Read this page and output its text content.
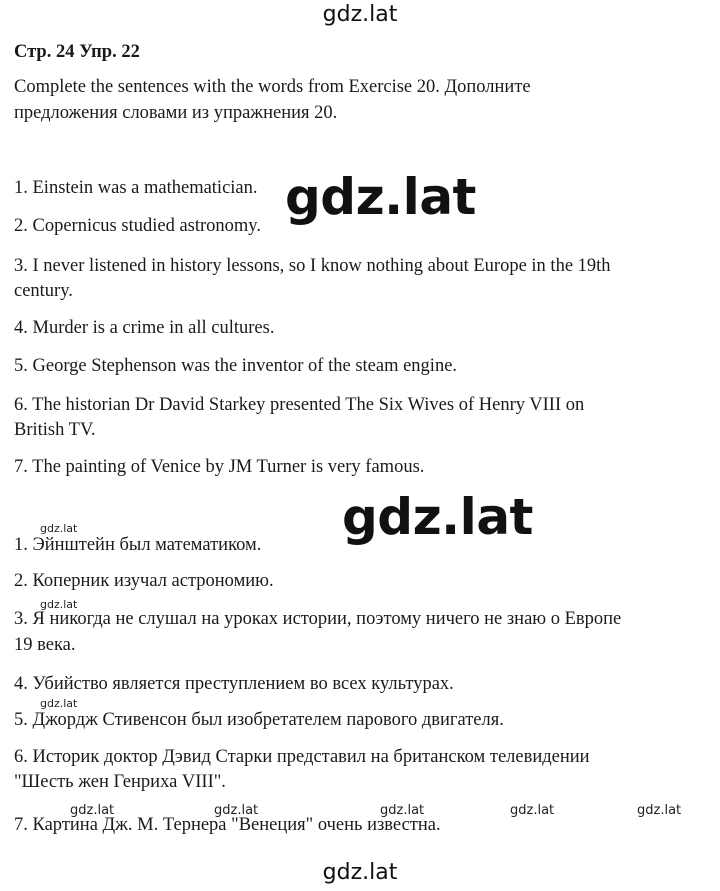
gdz.lat
gdz.lat
gdz.lat
gdz.lat
gdz.lat
gdz.lat
gdz.lat	gdz.lat	gdz.lat	gdz.lat	gdz.lat
Стр. 24 Упр. 22
Complete the sentences with the words from Exercise 20. Дополните
предложения словами из упражнения 20.
1. Einstein was a mathematician.
2. Copernicus studied astronomy.
3. I never listened in history lessons, so I know nothing about Europe in the 19th
century.
4. Murder is a crime in all cultures.
5. George Stephenson was the inventor of the steam engine.
6. The historian Dr David Starkey presented The Six Wives of Henry VIII on
British TV.
7. The painting of Venice by JM Turner is very famous.
1. Эйнштейн был математиком.
2. Коперник изучал астрономию.
3. Я никогда не слушал на уроках истории, поэтому ничего не знаю о Европе
19 века.
4. Убийство является преступлением во всех культурах.
5. Джордж Стивенсон был изобретателем парового двигателя.
6. Историк доктор Дэвид Старки представил на британском телевидении
"Шесть жен Генриха VIII".
7. Картина Дж. М. Тернера "Венеция" очень известна.
gdz.lat
